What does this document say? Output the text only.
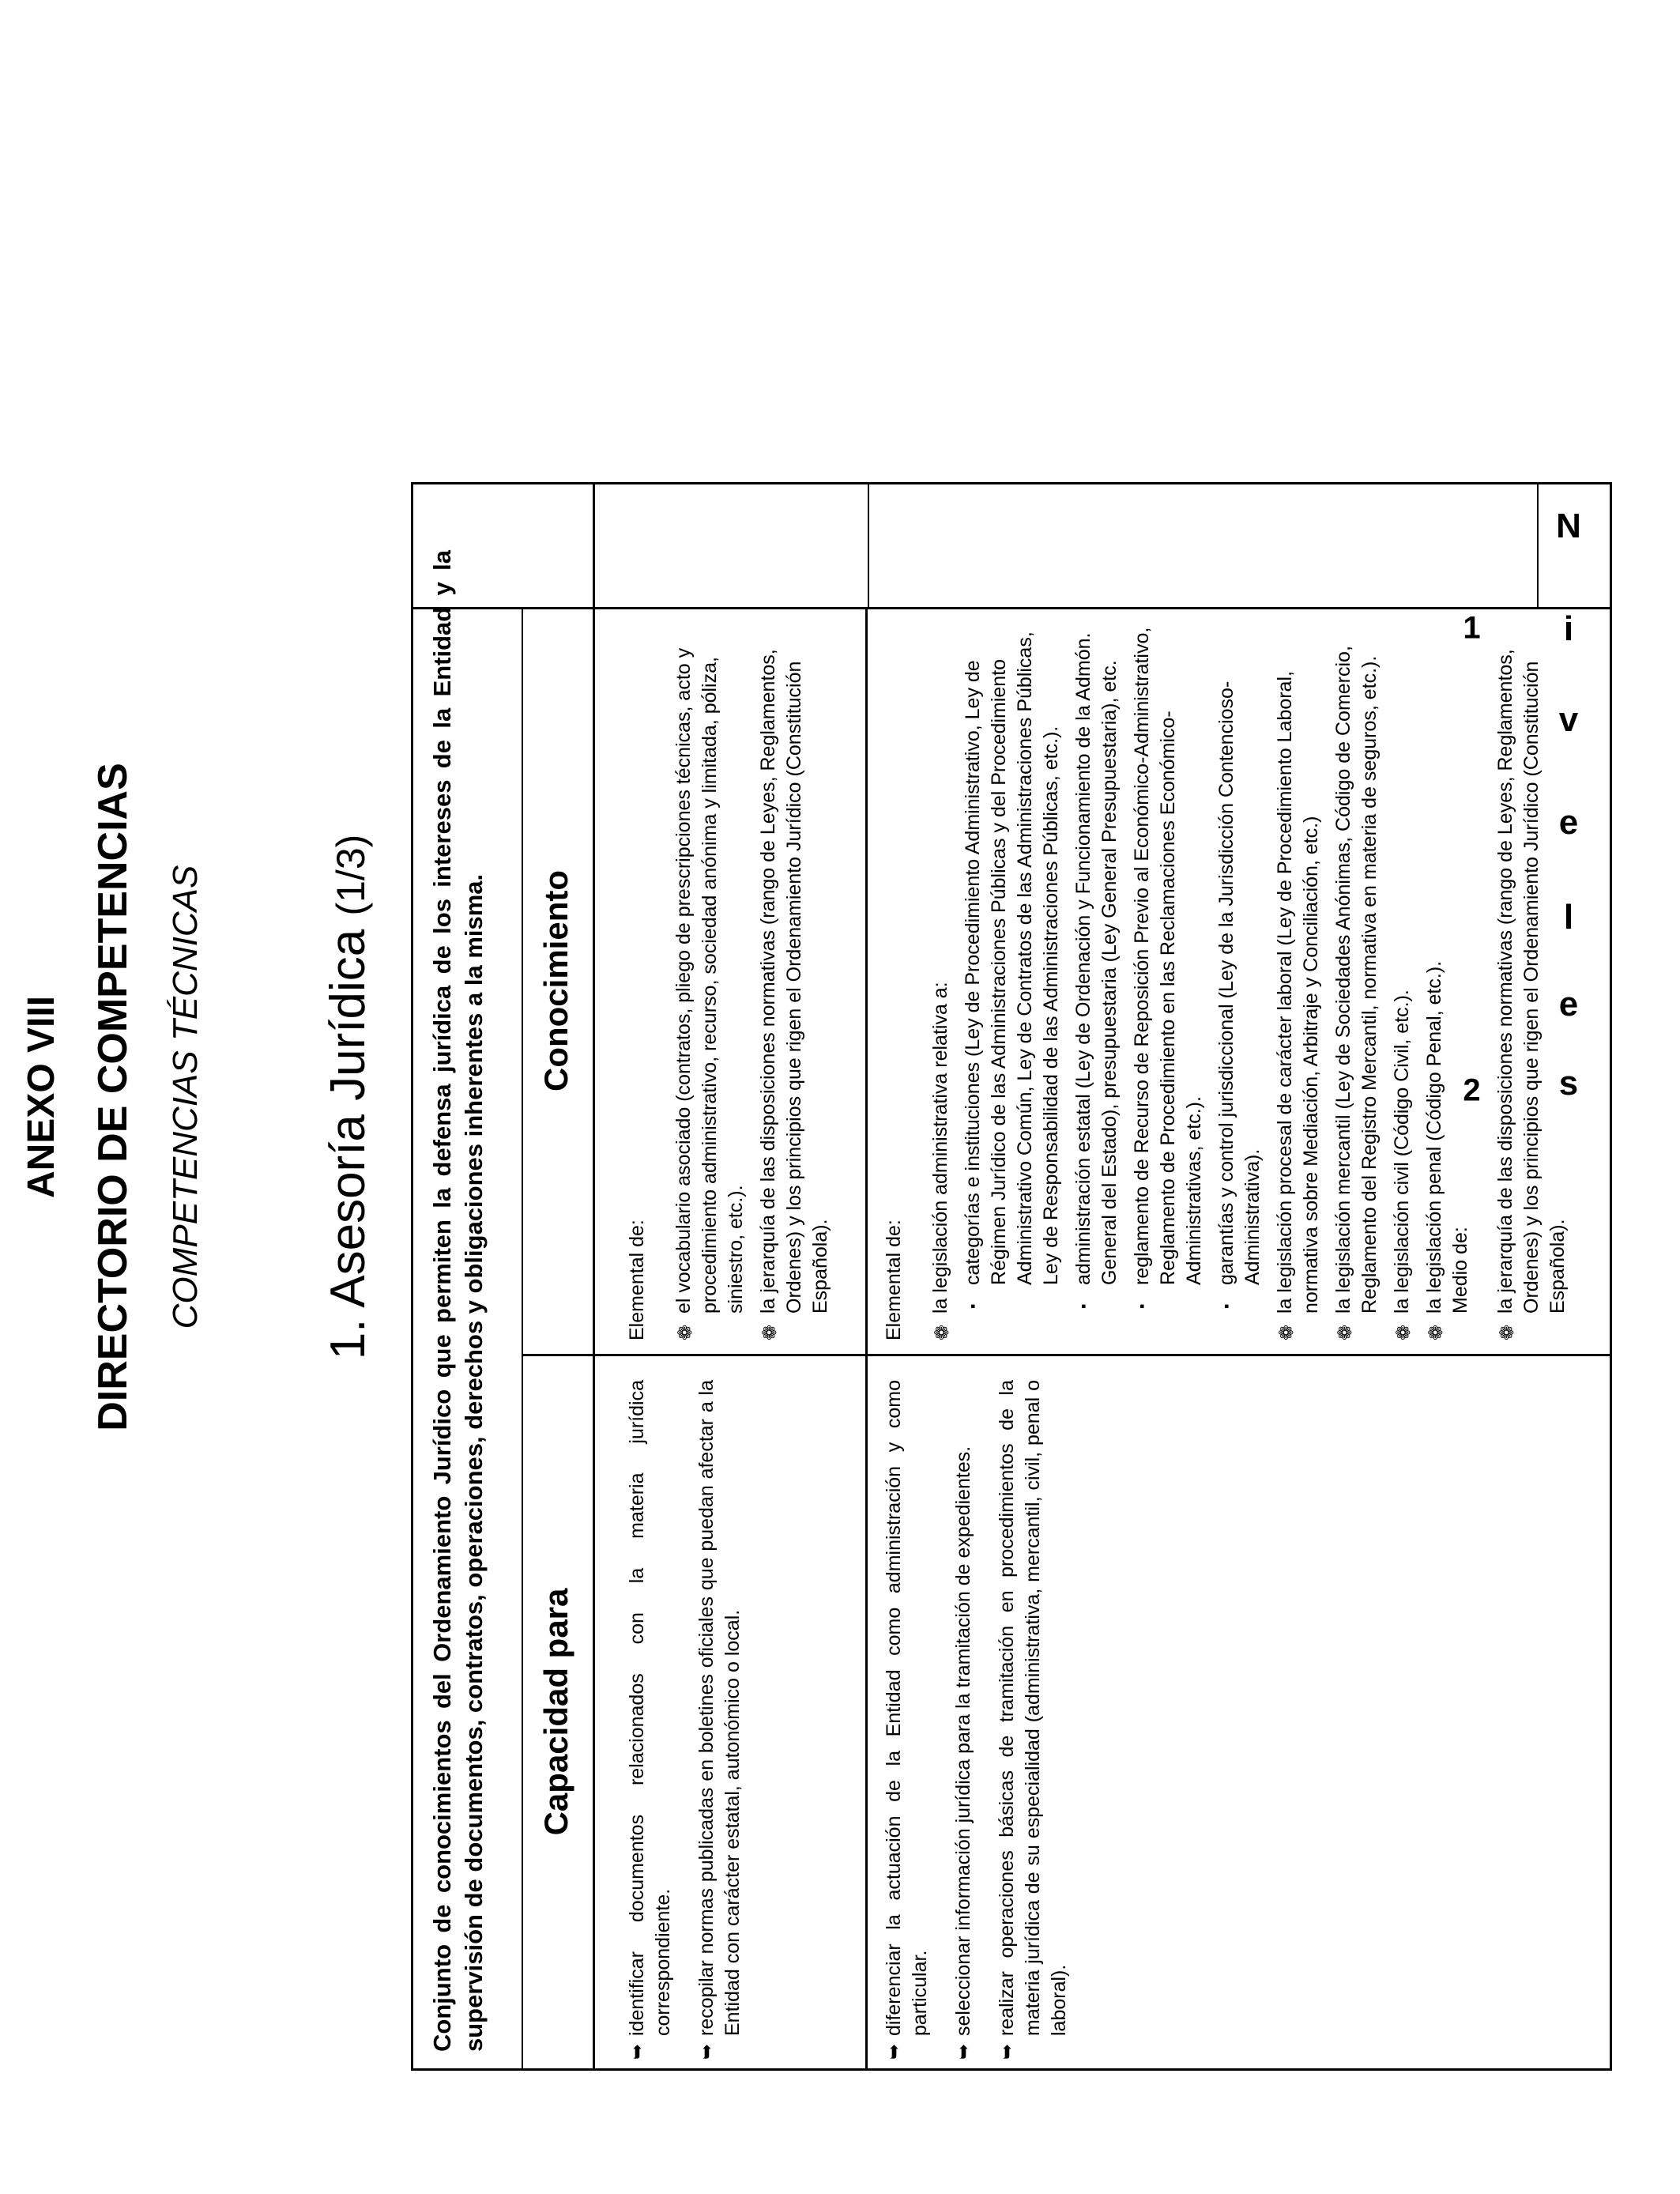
ANEXO VIII DIRECTORIO DE COMPETENCIAS COMPETENCIAS TÉCNICAS
1. Asesoría Jurídica (1/3)
N
i
v
e
l
e
s
1
2
Conjunto de conocimientos del Ordenamiento Jurídico que permiten la defensa jurídica de los intereses de la Entidad y la supervisión de documentos, contratos, operaciones, derechos y obligaciones inherentes a la misma. Conocimiento
Capacidad para

Elemental de: ❁
el vocabulario asociado (contratos, pliego de prescripciones técnicas, acto y procedimiento administrativo, recurso, sociedad anónima y limitada, póliza, siniestro, etc.).
❁
la jerarquía de las disposiciones normativas (rango de Leyes, Reglamentos, Ordenes) y los principios que rigen el Ordenamiento Jurídico (Constitución Española).
➥
identificar documentos relacionados con la materia jurídica correspondiente.
➥
recopilar normas publicadas en boletines oficiales que puedan afectar a la Entidad con carácter estatal, autonómico o local.

Elemental de: ❁
la legislación administrativa relativa a: ▪
categorías e instituciones (Ley de Procedimiento Administrativo, Ley de Régimen Jurídico de las Administraciones Públicas y del Procedimiento Administrativo Común, Ley de Contratos de las Administraciones Públicas, Ley de Responsabilidad de las Administraciones Públicas, etc.).
▪
administración estatal (Ley de Ordenación y Funcionamiento de la Admón. General del Estado), presupuestaria (Ley General Presupuestaria), etc.
▪
reglamento de Recurso de Reposición Previo al Económico-Administrativo, Reglamento de Procedimiento en las Reclamaciones Económico-Administrativas, etc.).
▪
garantías y control jurisdiccional (Ley de la Jurisdicción Contencioso-Administrativa).
❁
la legislación procesal de carácter laboral (Ley de Procedimiento Laboral, normativa sobre Mediación, Arbitraje y Conciliación, etc.)
❁
la legislación mercantil (Ley de Sociedades Anónimas, Código de Comercio, Reglamento del Registro Mercantil, normativa en materia de seguros, etc.).
❁
la legislación civil (Código Civil, etc.).
❁
la legislación penal (Código Penal, etc.). Medio de:

❁
la jerarquía de las disposiciones normativas (rango de Leyes, Reglamentos, Ordenes) y los principios que rigen el Ordenamiento Jurídico (Constitución Española).
➥
diferenciar la actuación de la Entidad como administración y como particular.
➥
seleccionar información jurídica para la tramitación de expedientes.
➥
realizar operaciones básicas de tramitación en procedimientos de la materia jurídica de su especialidad (administrativa, mercantil, civil, penal o laboral).
